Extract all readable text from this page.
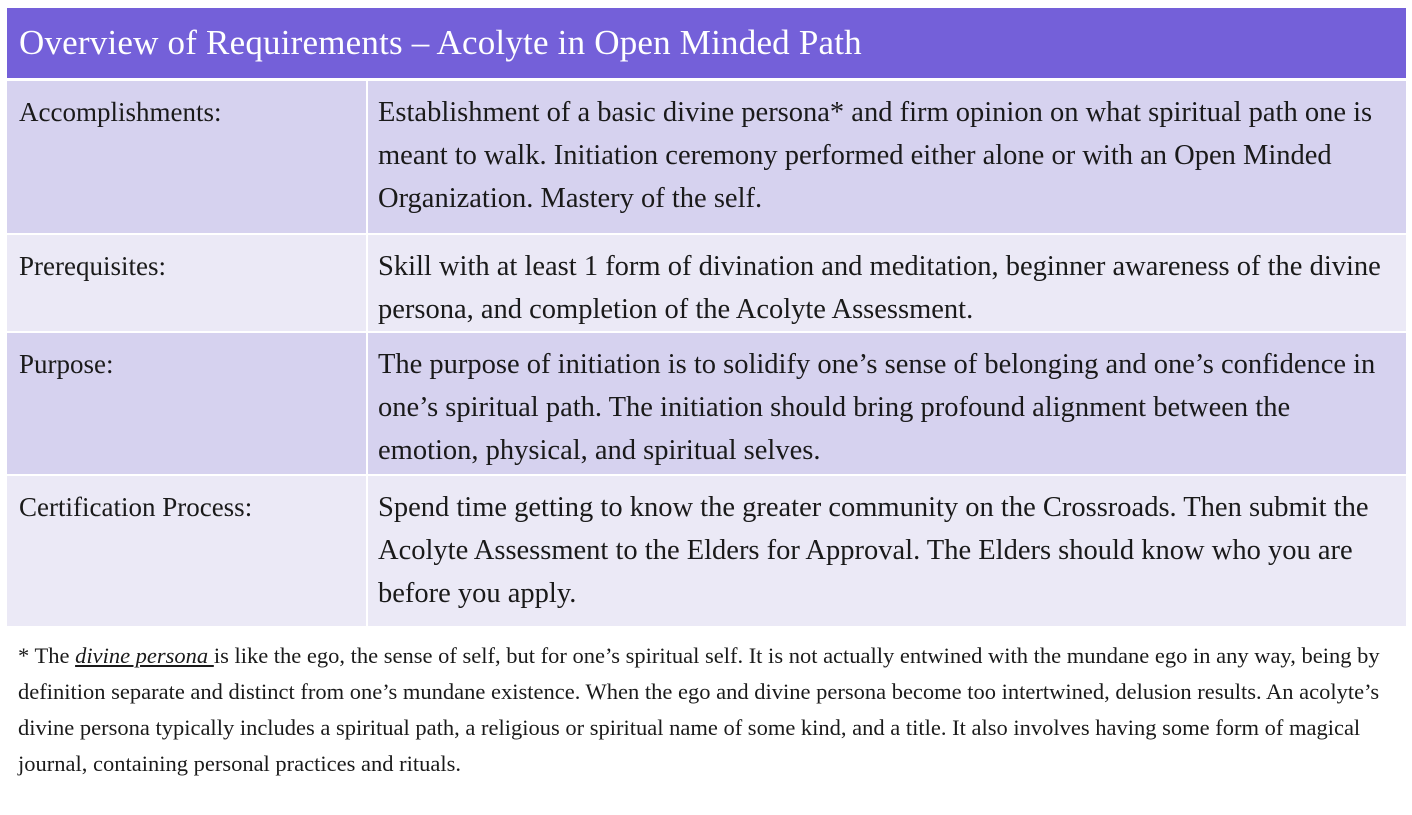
Overview of Requirements – Acolyte in Open Minded Path
Accomplishments:	Establishment of a basic divine persona* and firm opinion on what spiritual path one is meant to walk. Initiation ceremony performed either alone or with an Open Minded Organization. Mastery of the self.
Prerequisites:	Skill with at least 1 form of divination and meditation, beginner awareness of the divine persona, and completion of the Acolyte Assessment.
Purpose:	The purpose of initiation is to solidify one’s sense of belonging and one’s confidence in one’s spiritual path. The initiation should bring profound alignment between the emotion, physical, and spiritual selves.
Certification Process:	Spend time getting to know the greater community on the Crossroads. Then submit the Acolyte Assessment to the Elders for Approval. The Elders should know who you are before you apply.
* The divine persona is like the ego, the sense of self, but for one’s spiritual self. It is not actually entwined with the mundane ego in any way, being by definition separate and distinct from one’s mundane existence. When the ego and divine persona become too intertwined, delusion results. An acolyte’s divine persona typically includes a spiritual path, a religious or spiritual name of some kind, and a title. It also involves having some form of magical journal, containing personal practices and rituals.
